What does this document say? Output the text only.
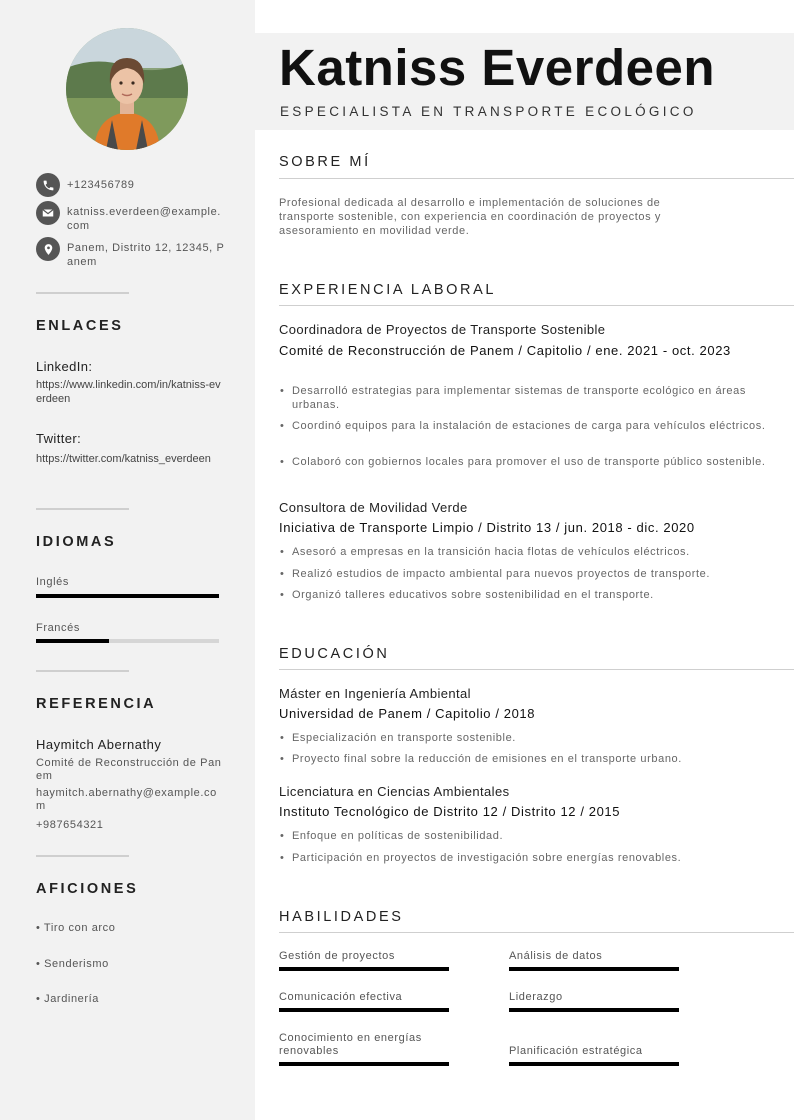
+123456789
katniss.everdeen@example.com
Panem, Distrito 12, 12345, Panem
ENLACES
LinkedIn:
https://www.linkedin.com/in/katniss-everdeen
Twitter:
https://twitter.com/katniss_everdeen
IDIOMAS
Inglés
Francés
REFERENCIA
Haymitch Abernathy
Comité de Reconstrucción de Panem
haymitch.abernathy@example.com
+987654321
AFICIONES
• Tiro con arco
• Senderismo
• Jardinería
Katniss Everdeen
ESPECIALISTA EN TRANSPORTE ECOLÓGICO
SOBRE MÍ
Profesional dedicada al desarrollo e implementación de soluciones de transporte sostenible, con experiencia en coordinación de proyectos y asesoramiento en movilidad verde.
EXPERIENCIA LABORAL
Coordinadora de Proyectos de Transporte Sostenible
Comité de Reconstrucción de Panem / Capitolio / ene. 2021 - oct. 2023
• Desarrolló estrategias para implementar sistemas de transporte ecológico en áreas urbanas.
• Coordinó equipos para la instalación de estaciones de carga para vehículos eléctricos.
• Colaboró con gobiernos locales para promover el uso de transporte público sostenible.
Consultora de Movilidad Verde
Iniciativa de Transporte Limpio / Distrito 13 / jun. 2018 - dic. 2020
• Asesoró a empresas en la transición hacia flotas de vehículos eléctricos.
• Realizó estudios de impacto ambiental para nuevos proyectos de transporte.
• Organizó talleres educativos sobre sostenibilidad en el transporte.
EDUCACIÓN
Máster en Ingeniería Ambiental
Universidad de Panem / Capitolio / 2018
• Especialización en transporte sostenible.
• Proyecto final sobre la reducción de emisiones en el transporte urbano.
Licenciatura en Ciencias Ambientales
Instituto Tecnológico de Distrito 12 / Distrito 12 / 2015
• Enfoque en políticas de sostenibilidad.
• Participación en proyectos de investigación sobre energías renovables.
HABILIDADES
Gestión de proyectos	Análisis de datos
Comunicación efectiva	Liderazgo
Conocimiento en energías renovables	Planificación estratégica
